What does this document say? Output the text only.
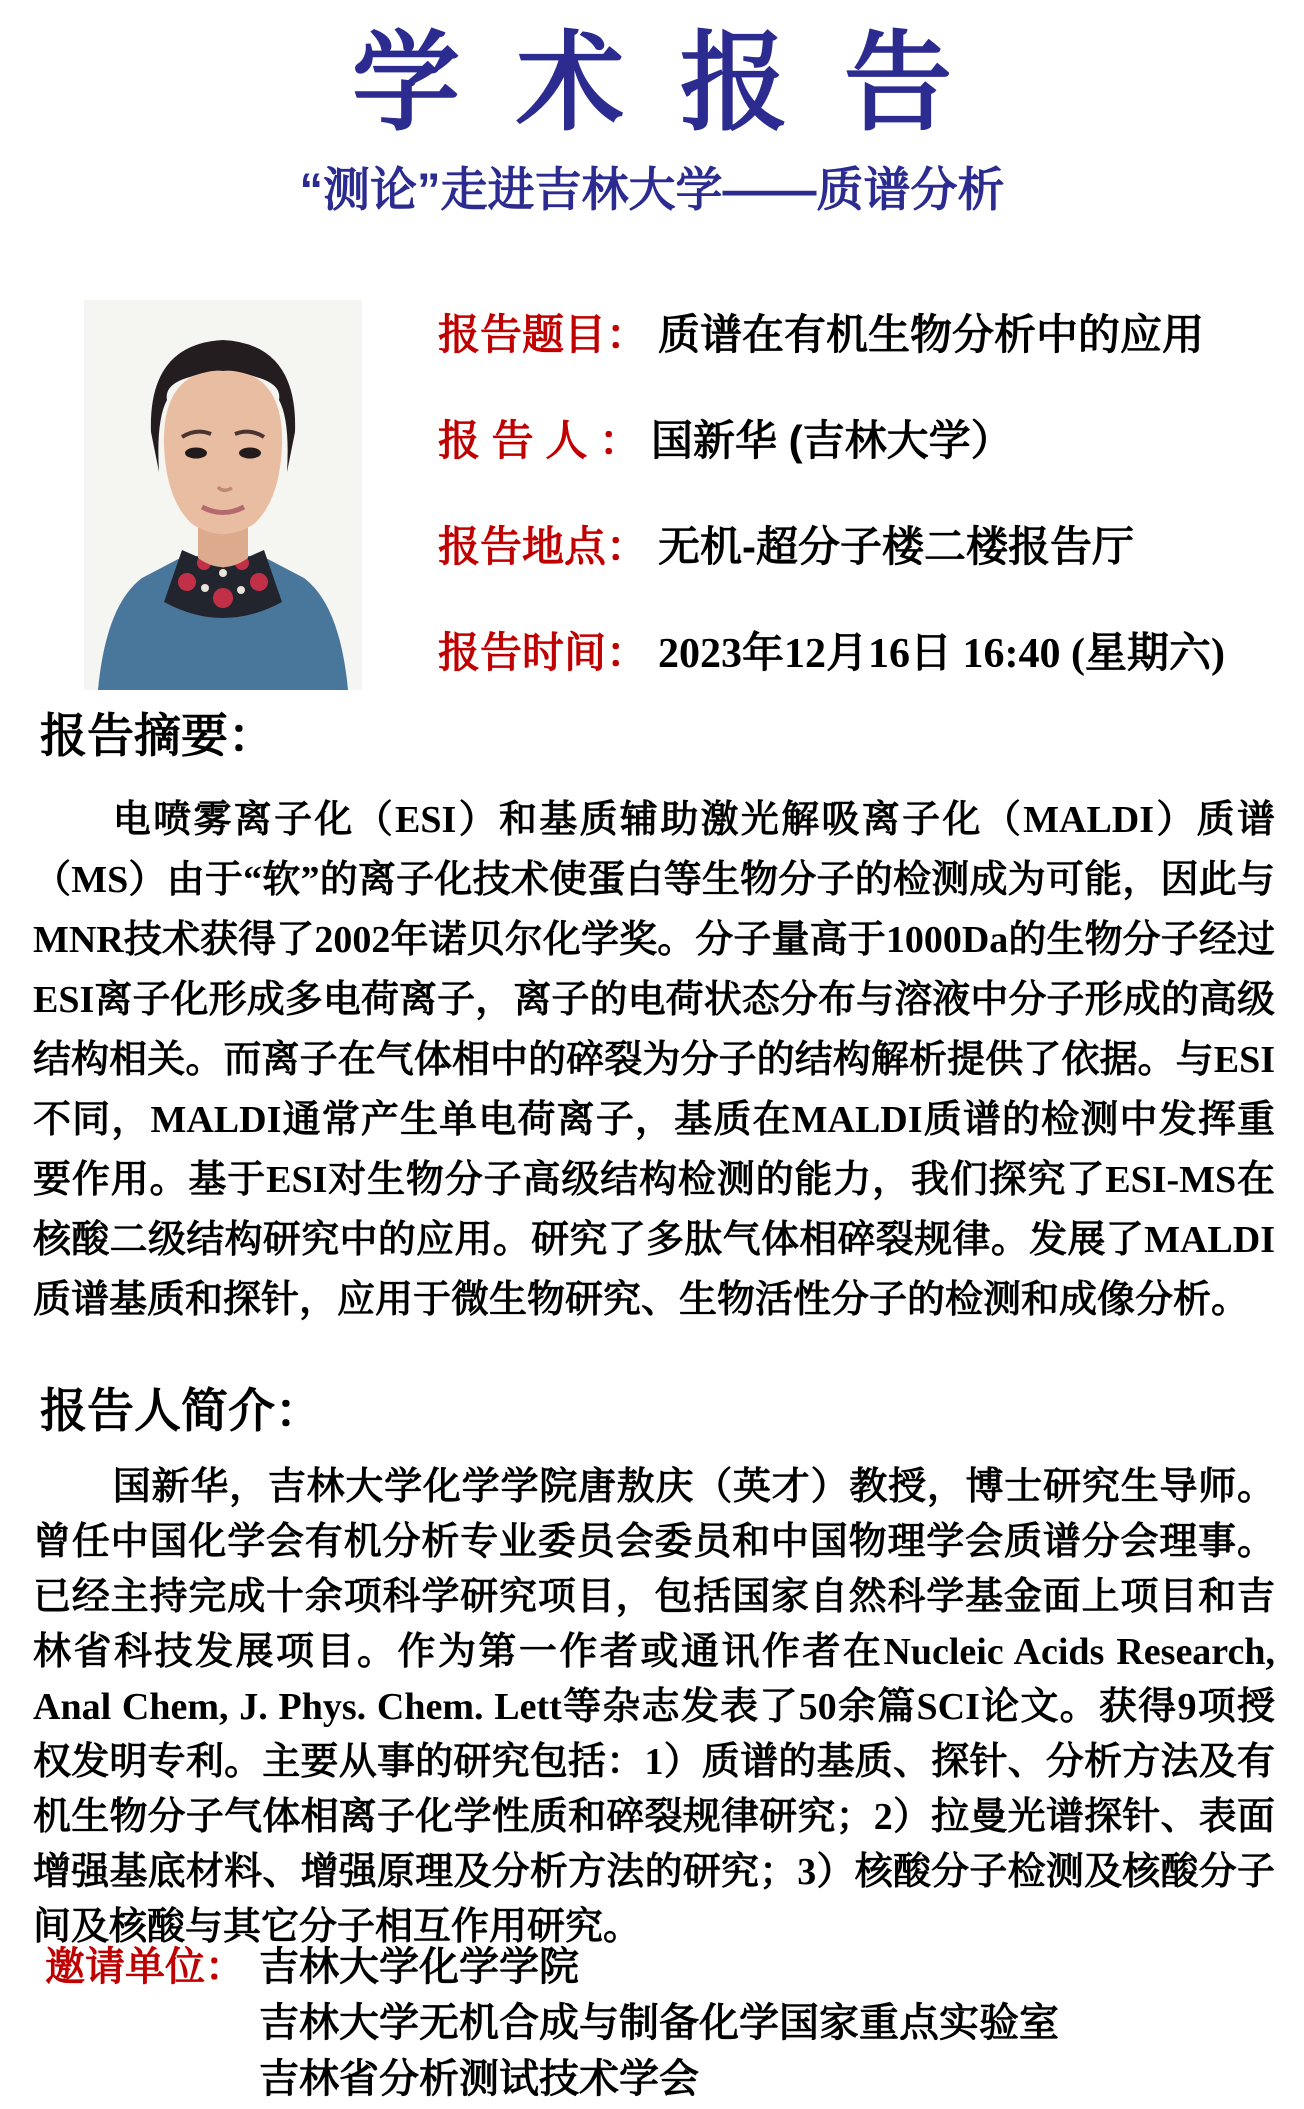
学术报告
“测论”走进吉林大学——质谱分析
报告题目： 质谱在有机生物分析中的应用
报 告 人 ： 国新华 (吉林大学）
报告地点： 无机-超分子楼二楼报告厅
报告时间： 2023年12月16日 16:40 (星期六)
报告摘要：

电喷雾离子化（ESI）和基质辅助激光解吸离子化（MALDI）质谱（MS）由于“软”的离子化技术使蛋白等生物分子的检测成为可能，因此与MNR技术获得了2002年诺贝尔化学奖。分子量高于1000Da的生物分子经过ESI离子化形成多电荷离子，离子的电荷状态分布与溶液中分子形成的高级结构相关。而离子在气体相中的碎裂为分子的结构解析提供了依据。与ESI不同，MALDI通常产生单电荷离子，基质在MALDI质谱的检测中发挥重要作用。基于ESI对生物分子高级结构检测的能力，我们探究了ESI-MS在核酸二级结构研究中的应用。研究了多肽气体相碎裂规律。发展了MALDI质谱基质和探针，应用于微生物研究、生物活性分子的检测和成像分析。

报告人简介：

国新华，吉林大学化学学院唐敖庆（英才）教授，博士研究生导师。曾任中国化学会有机分析专业委员会委员和中国物理学会质谱分会理事。已经主持完成十余项科学研究项目，包括国家自然科学基金面上项目和吉林省科技发展项目。作为第一作者或通讯作者在Nucleic Acids Research, Anal Chem, J. Phys. Chem. Lett等杂志发表了50余篇SCI论文。获得9项授权发明专利。主要从事的研究包括：1）质谱的基质、探针、分析方法及有机生物分子气体相离子化学性质和碎裂规律研究；2）拉曼光谱探针、表面增强基底材料、增强原理及分析方法的研究；3）核酸分子检测及核酸分子间及核酸与其它分子相互作用研究。

邀请单位： 吉林大学化学学院
吉林大学无机合成与制备化学国家重点实验室
吉林省分析测试技术学会
